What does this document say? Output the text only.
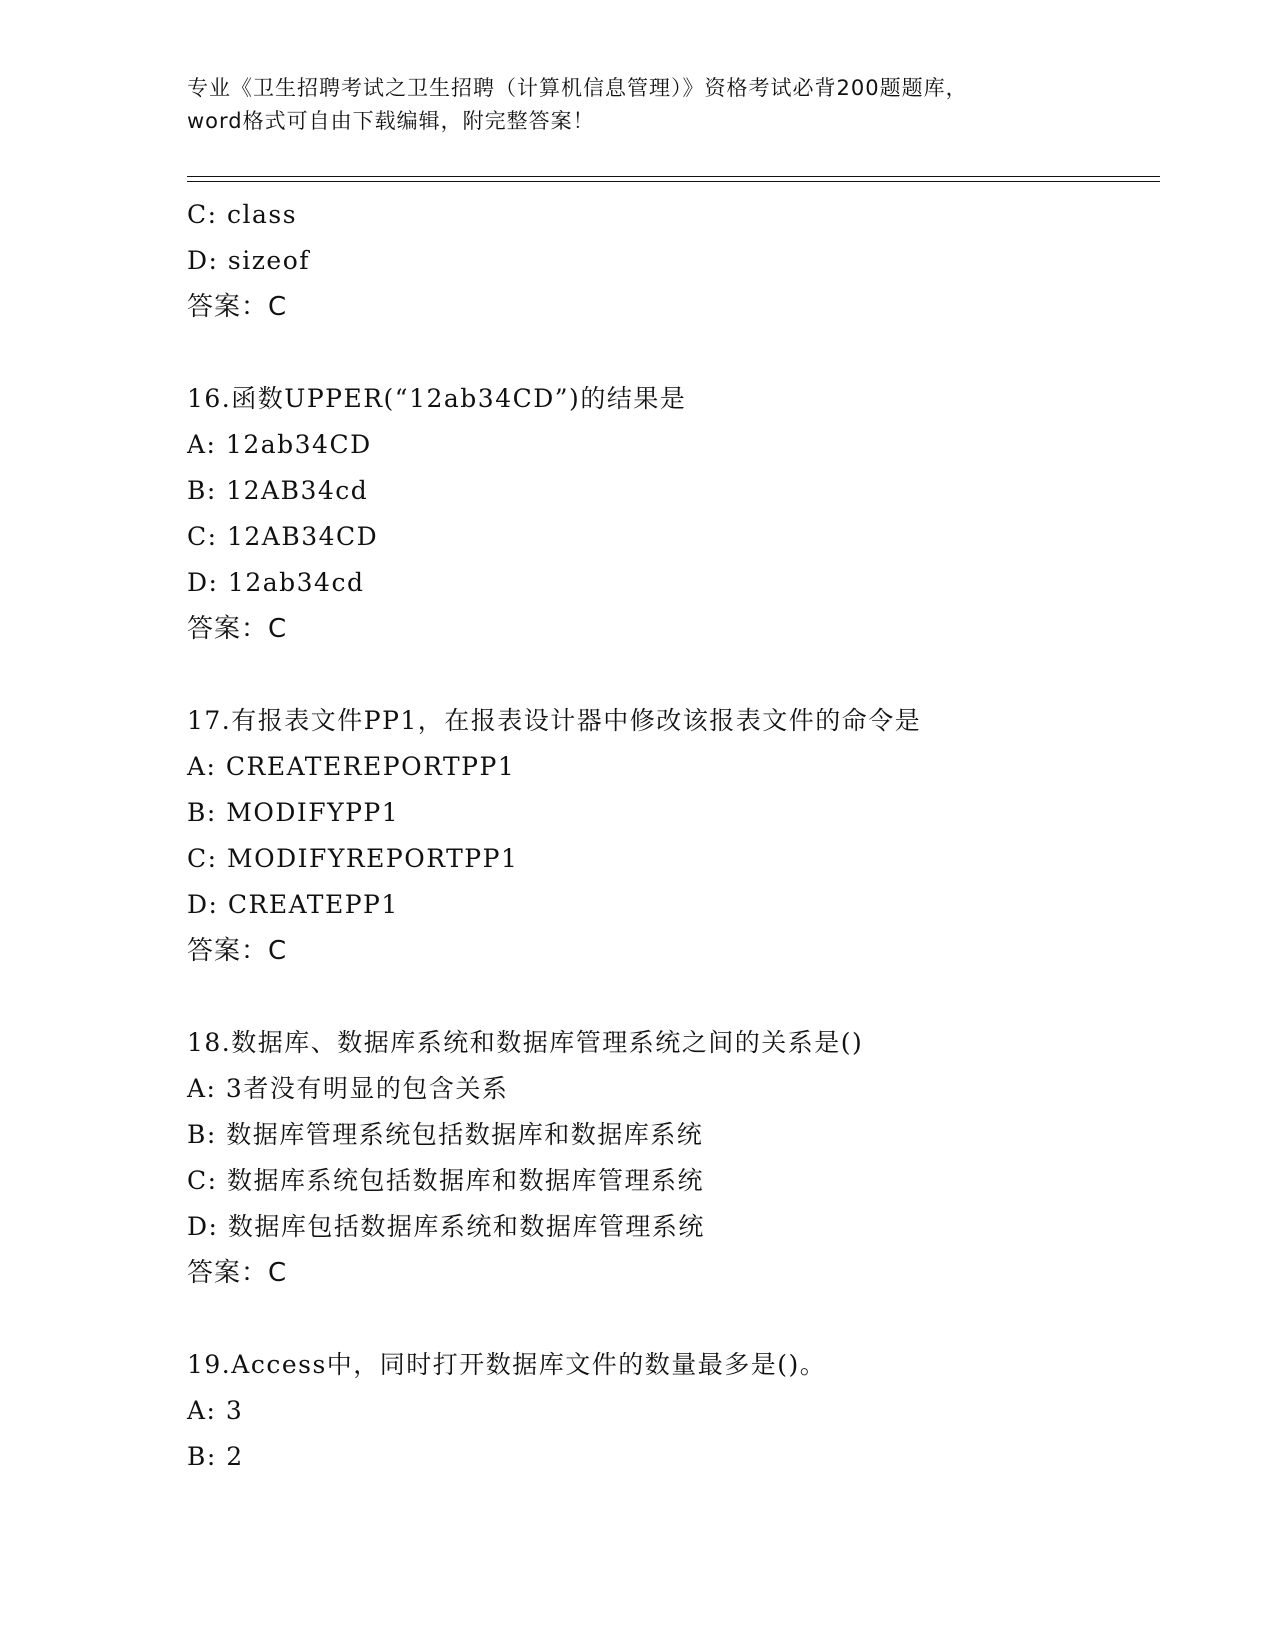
专业《卫生招聘考试之卫生招聘（计算机信息管理）》资格考试必背200题题库，
word格式可自由下载编辑，附完整答案！
C: class
D: sizeof
答案：C
16.函数UPPER(“12ab34CD”)的结果是
A: 12ab34CD
B: 12AB34cd
C: 12AB34CD
D: 12ab34cd
答案：C
17.有报表文件PP1，在报表设计器中修改该报表文件的命令是
A: CREATEREPORTPP1
B: MODIFYPP1
C: MODIFYREPORTPP1
D: CREATEPP1
答案：C
18.数据库、数据库系统和数据库管理系统之间的关系是()
A: 3者没有明显的包含关系
B: 数据库管理系统包括数据库和数据库系统
C: 数据库系统包括数据库和数据库管理系统
D: 数据库包括数据库系统和数据库管理系统
答案：C
19.Access中，同时打开数据库文件的数量最多是()。
A: 3
B: 2
